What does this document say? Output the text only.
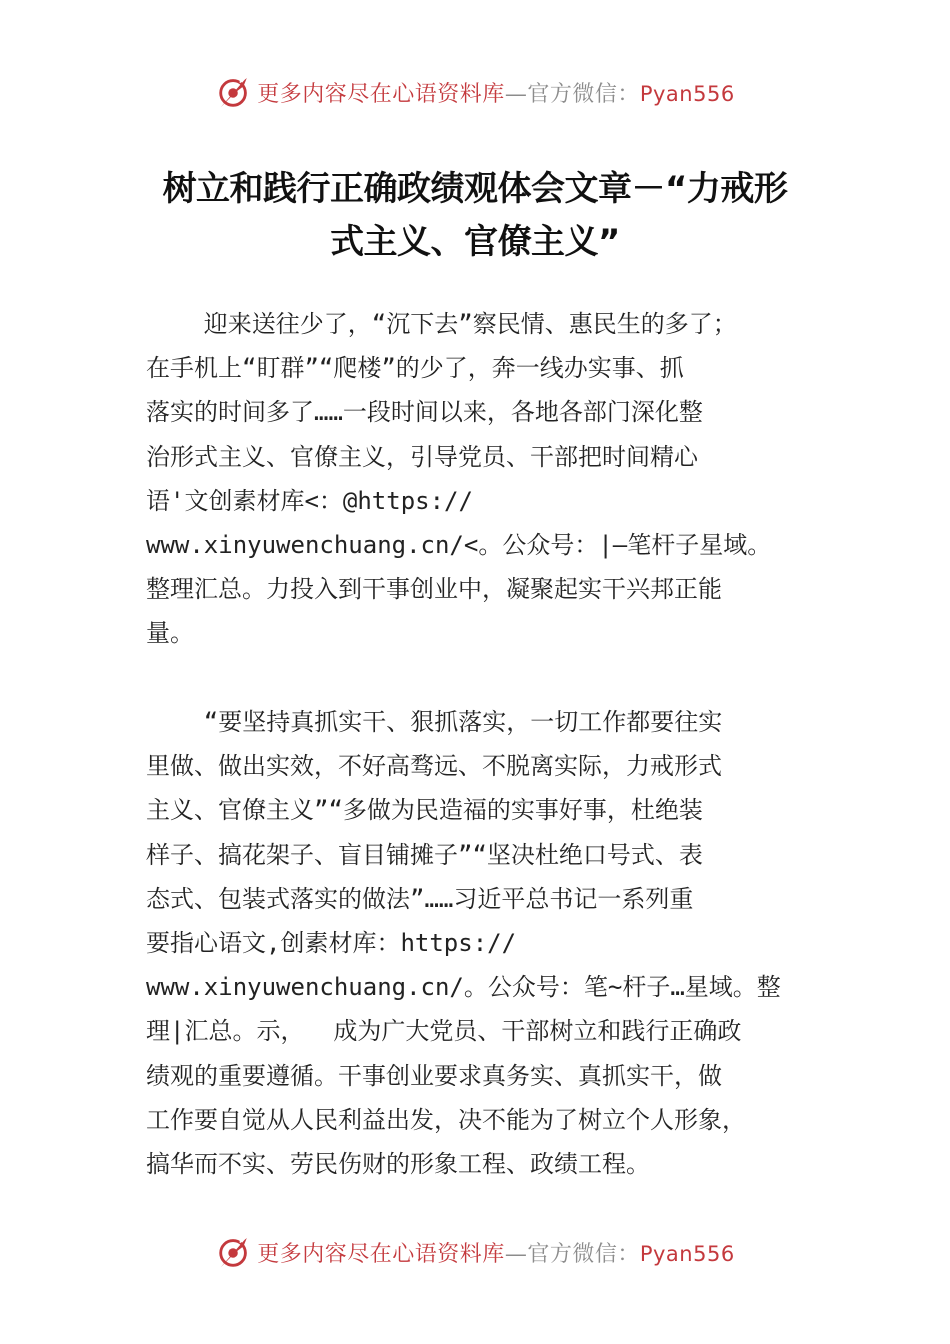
更多内容尽在心语资料库—官方微信：Pyan556
树立和践行正确政绩观体会文章－“力戒形
式主义、官僚主义”
迎来送往少了，“沉下去”察民情、惠民生的多了；
在手机上“盯群”“爬楼”的少了，奔一线办实事、抓
落实的时间多了……一段时间以来，各地各部门深化整
治形式主义、官僚主义，引导党员、干部把时间精心
语'文创素材库<：@https://
www.xinyuwenchuang.cn/<。公众号：|—笔杆子星域。
整理汇总。力投入到干事创业中，凝聚起实干兴邦正能
量。
“要坚持真抓实干、狠抓落实，一切工作都要往实
里做、做出实效，不好高骛远、不脱离实际，力戒形式
主义、官僚主义”“多做为民造福的实事好事，杜绝装
样子、搞花架子、盲目铺摊子”“坚决杜绝口号式、表
态式、包装式落实的做法”……习近平总书记一系列重
要指心语文,创素材库：https://
www.xinyuwenchuang.cn/。公众号：笔~杆子…星域。整
理|汇总。示，  成为广大党员、干部树立和践行正确政
绩观的重要遵循。干事创业要求真务实、真抓实干，做
工作要自觉从人民利益出发，决不能为了树立个人形象，
搞华而不实、劳民伤财的形象工程、政绩工程。
更多内容尽在心语资料库—官方微信：Pyan556
